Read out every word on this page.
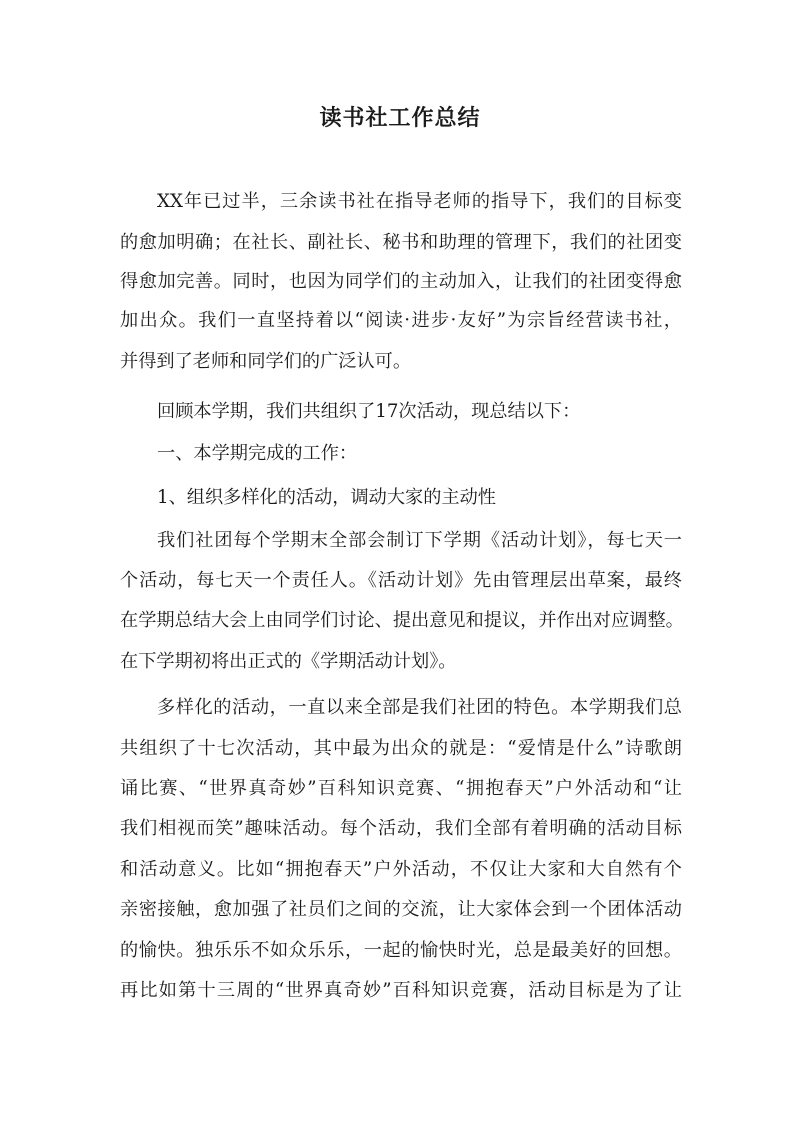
读书社工作总结

XX年已过半，三余读书社在指导老师的指导下，我们的目标变

的愈加明确；在社长、副社长、秘书和助理的管理下，我们的社团变

得愈加完善。同时，也因为同学们的主动加入，让我们的社团变得愈

加出众。我们一直坚持着以“阅读·进步·友好”为宗旨经营读书社，

并得到了老师和同学们的广泛认可。

回顾本学期，我们共组织了17次活动，现总结以下：

一、本学期完成的工作：

1、组织多样化的活动，调动大家的主动性

我们社团每个学期末全部会制订下学期《活动计划》，每七天一

个活动，每七天一个责任人。《活动计划》先由管理层出草案，最终

在学期总结大会上由同学们讨论、提出意见和提议，并作出对应调整。

在下学期初将出正式的《学期活动计划》。

多样化的活动，一直以来全部是我们社团的特色。本学期我们总

共组织了十七次活动，其中最为出众的就是：“爱情是什么”诗歌朗

诵比赛、“世界真奇妙”百科知识竞赛、“拥抱春天”户外活动和“让

我们相视而笑”趣味活动。每个活动，我们全部有着明确的活动目标

和活动意义。比如“拥抱春天”户外活动，不仅让大家和大自然有个

亲密接触，愈加强了社员们之间的交流，让大家体会到一个团体活动

的愉快。独乐乐不如众乐乐，一起的愉快时光，总是最美好的回想。

再比如第十三周的“世界真奇妙”百科知识竞赛，活动目标是为了让
